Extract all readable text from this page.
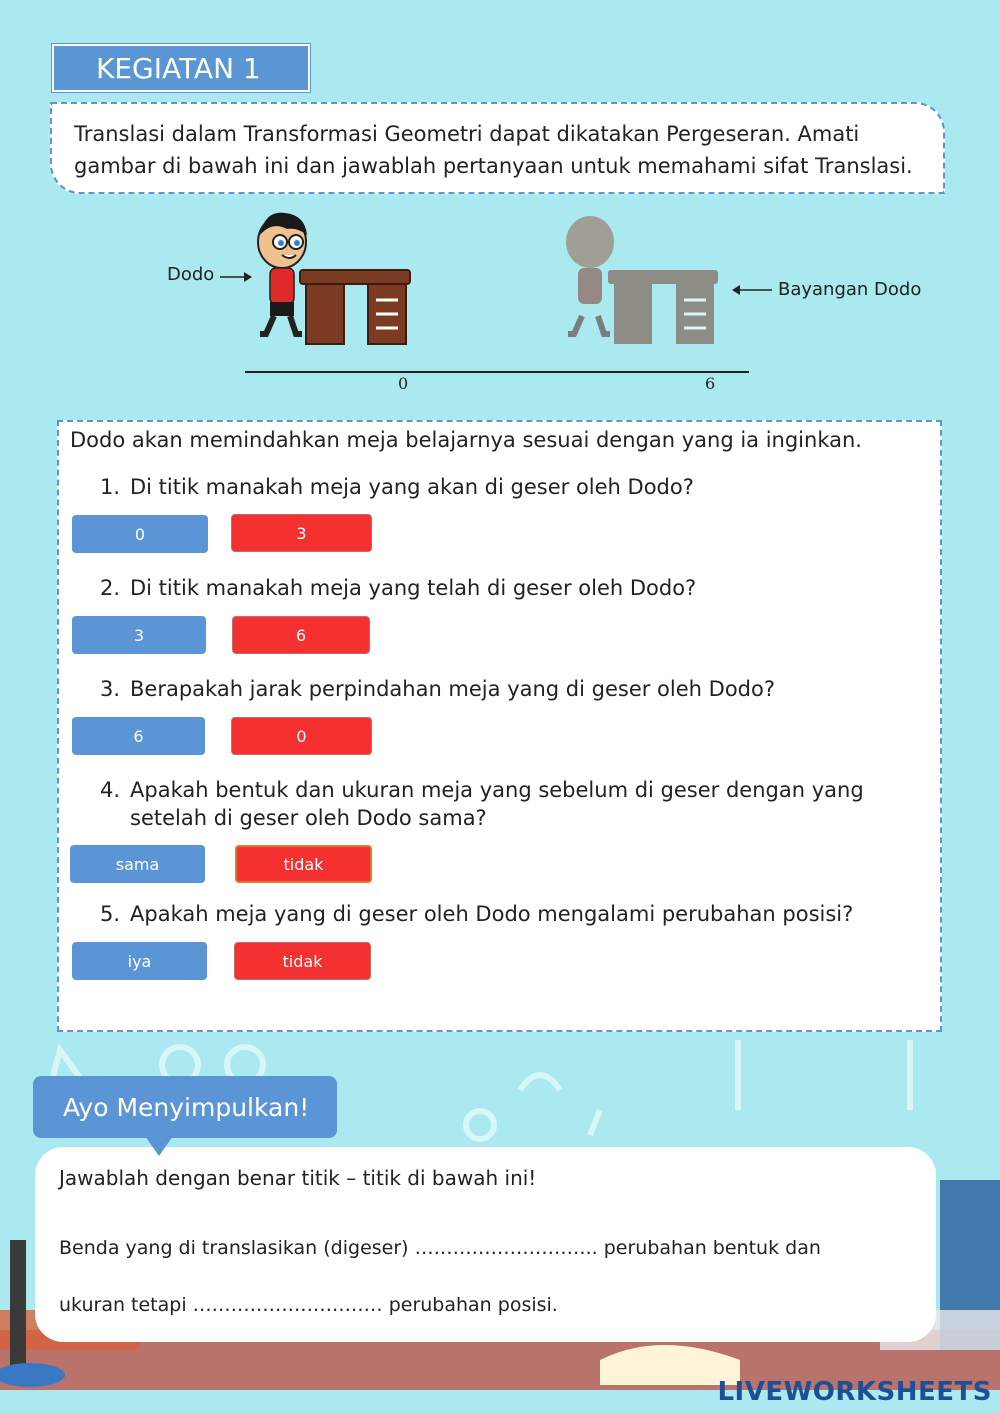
KEGIATAN 1
Translasi dalam Transformasi Geometri dapat dikatakan Pergeseran. Amati gambar di bawah ini dan jawablah pertanyaan untuk memahami sifat Translasi.
Dodo
Bayangan Dodo
0	6
Dodo akan memindahkan meja belajarnya sesuai dengan yang ia inginkan.
1. Di titik manakah meja yang akan di geser oleh Dodo?
0	3
2. Di titik manakah meja yang telah di geser oleh Dodo?
3	6
3. Berapakah jarak perpindahan meja yang di geser oleh Dodo?
6	0
4. Apakah bentuk dan ukuran meja yang sebelum di geser dengan yang setelah di geser oleh Dodo sama?
sama	tidak
5. Apakah meja yang di geser oleh Dodo mengalami perubahan posisi?
iya	tidak
Ayo Menyimpulkan!
Jawablah dengan benar titik – titik di bawah ini!
Benda yang di translasikan (digeser) ……………………….. perubahan bentuk dan
ukuran tetapi ………………………… perubahan posisi.
LIVEWORKSHEETS
